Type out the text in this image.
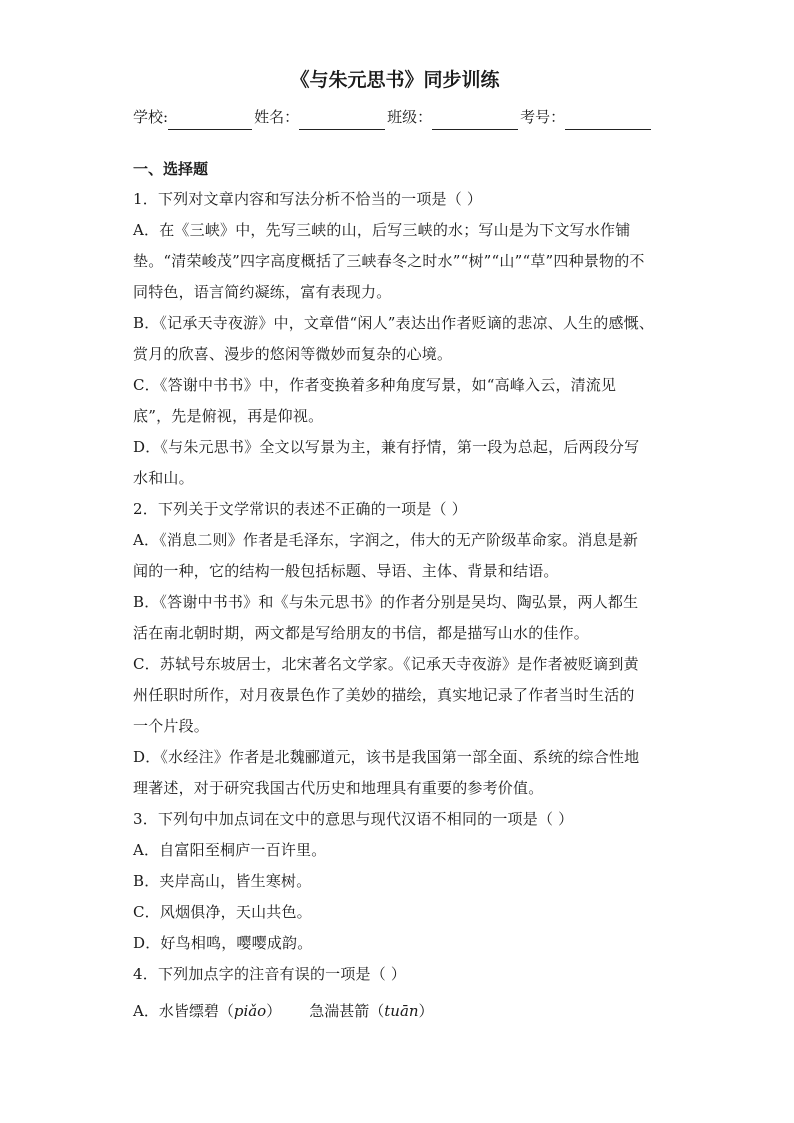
《与朱元思书》同步训练
学校:	姓名：	班级：	考号：
一、选择题
1．下列对文章内容和写法分析不恰当的一项是（ ）
A．在《三峡》中，先写三峡的山，后写三峡的水；写山是为下文写水作铺
垫。“清荣峻茂”四字高度概括了三峡春冬之时水”“树”“山”“草”四种景物的不
同特色，语言简约凝练，富有表现力。
B．《记承天寺夜游》中，文章借“闲人”表达出作者贬谪的悲凉、人生的感慨、
赏月的欣喜、漫步的悠闲等微妙而复杂的心境。
C．《答谢中书书》中，作者变换着多种角度写景，如“高峰入云，清流见
底”，先是俯视，再是仰视。
D．《与朱元思书》全文以写景为主，兼有抒情，第一段为总起，后两段分写
水和山。
2．下列关于文学常识的表述不正确的一项是（ ）
A．《消息二则》作者是毛泽东，字润之，伟大的无产阶级革命家。消息是新
闻的一种，它的结构一般包括标题、导语、主体、背景和结语。
B．《答谢中书书》和《与朱元思书》的作者分别是吴均、陶弘景，两人都生
活在南北朝时期，两文都是写给朋友的书信，都是描写山水的佳作。
C．苏轼号东坡居士，北宋著名文学家。《记承天寺夜游》是作者被贬谪到黄
州任职时所作，对月夜景色作了美妙的描绘，真实地记录了作者当时生活的
一个片段。
D．《水经注》作者是北魏郦道元，该书是我国第一部全面、系统的综合性地
理著述，对于研究我国古代历史和地理具有重要的参考价值。
3．下列句中加点词在文中的意思与现代汉语不相同的一项是（ ）
A．自富阳至桐庐一百许里。
B．夹岸高山，皆生寒树。
C．风烟俱净，天山共色。
D．好鸟相鸣，嘤嘤成韵。
4．下列加点字的注音有误的一项是（ ）
A．水皆缥碧（piǎo） 急湍甚箭（tuān）
